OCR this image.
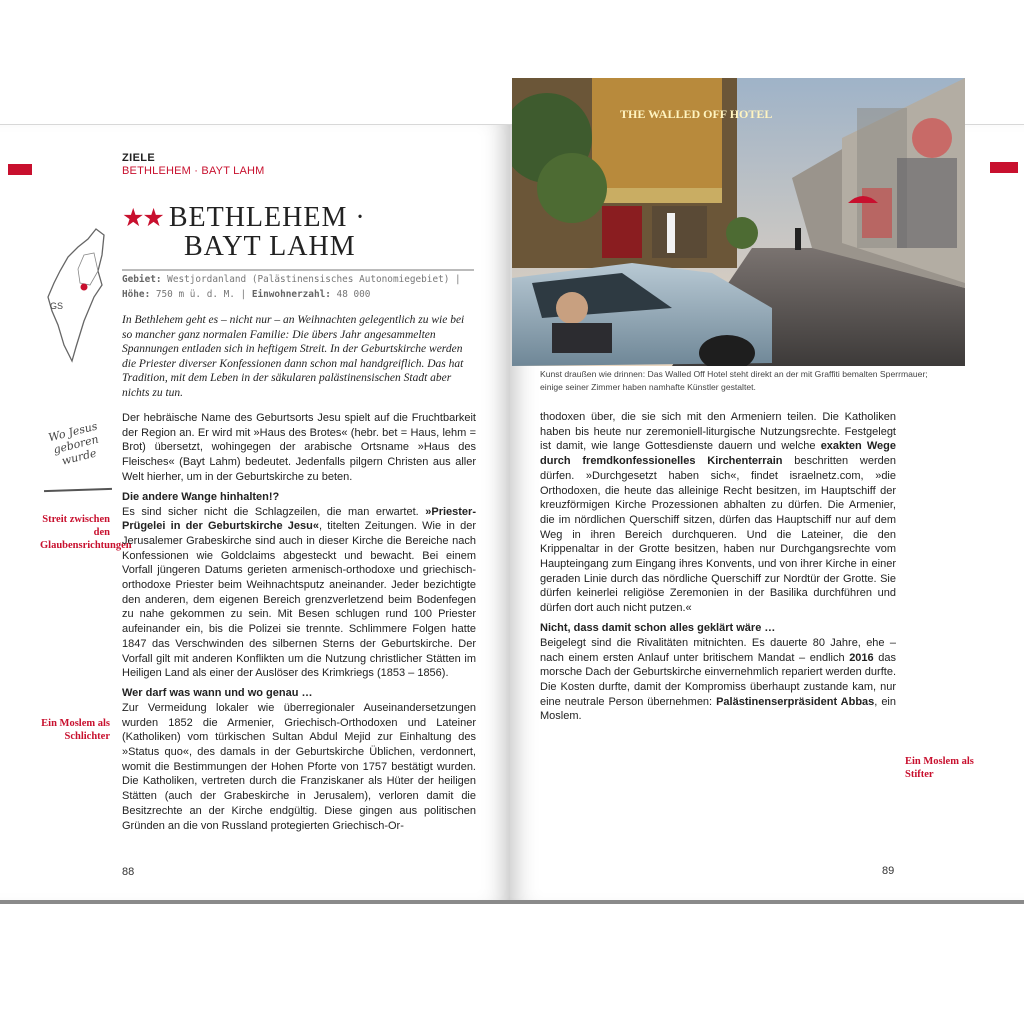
ZIELE
BETHLEHEM · BAYT LAHM
GS
★★ BETHLEHEM ·
BAYT LAHM
Gebiet: Westjordanland (Palästinensisches Autonomiegebiet) |
Höhe: 750 m ü. d. M. | Einwohnerzahl: 48 000
In Bethlehem geht es – nicht nur – an Weihnachten gelegentlich zu wie bei so mancher ganz normalen Familie: Die übers Jahr angesammelten Spannungen entladen sich in heftigem Streit. In der Geburtskirche werden die Priester diverser Konfessionen dann schon mal handgreiflich. Das hat Tradition, mit dem Leben in der säkularen palästinensischen Stadt aber nichts zu tun.
Wo Jesus geboren wurde
Streit zwischen den Glaubensrichtungen
Ein Moslem als Schlichter

Der hebräische Name des Geburtsorts Jesu spielt auf die Fruchtbarkeit der Region an. Er wird mit »Haus des Brotes« (hebr. bet = Haus, lehm = Brot) übersetzt, wohingegen der arabische Ortsname »Haus des Fleisches« (Bayt Lahm) bedeutet. Jedenfalls pilgern Christen aus aller Welt hierher, um in der Geburtskirche zu beten.

Die andere Wange hinhalten!?

Es sind sicher nicht die Schlagzeilen, die man erwartet. »Priester-Prügelei in der Geburtskirche Jesu«, titelten Zeitungen. Wie in der Jerusalemer Grabeskirche sind auch in dieser Kirche die Bereiche nach Konfessionen wie Goldclaims abgesteckt und bewacht. Bei einem Vorfall jüngeren Datums gerieten armenisch-orthodoxe und griechisch-orthodoxe Priester beim Weihnachtsputz aneinander. Jeder bezichtigte den anderen, dem eigenen Bereich grenzverletzend beim Bodenfegen zu nahe gekommen zu sein. Mit Besen schlugen rund 100 Priester aufeinander ein, bis die Polizei sie trennte. Schlimmere Folgen hatte 1847 das Verschwinden des silbernen Sterns der Geburtskirche. Der Vorfall gilt mit anderen Konflikten um die Nutzung christlicher Stätten im Heiligen Land als einer der Auslöser des Krimkriegs (1853 – 1856).

Wer darf was wann und wo genau …

Zur Vermeidung lokaler wie überregionaler Auseinandersetzungen wurden 1852 die Armenier, Griechisch-Orthodoxen und Lateiner (Katholiken) vom türkischen Sultan Abdul Mejid zur Einhaltung des »Status quo«, des damals in der Geburtskirche Üblichen, verdonnert, womit die Bestimmungen der Hohen Pforte von 1757 bestätigt wurden. Die Katholiken, vertreten durch die Franziskaner als Hüter der heiligen Stätten (auch der Grabeskirche in Jerusalem), verloren damit die Besitzrechte an der Kirche endgültig. Diese gingen aus politischen Gründen an die von Russland protegierten Griechisch-Or-

88
THE WALLED OFF HOTEL
Kunst draußen wie drinnen: Das Walled Off Hotel steht direkt an der mit Graffiti bemalten Sperrmauer; einige seiner Zimmer haben namhafte Künstler gestaltet.

thodoxen über, die sie sich mit den Armeniern teilen. Die Katholiken haben bis heute nur zeremoniell-liturgische Nutzungsrechte. Festgelegt ist damit, wie lange Gottesdienste dauern und welche exakten Wege durch fremdkonfessionelles Kirchenterrain beschritten werden dürfen. »Durchgesetzt haben sich«, findet israelnetz.com, »die Orthodoxen, die heute das alleinige Recht besitzen, im Hauptschiff der kreuzförmigen Kirche Prozessionen abhalten zu dürfen. Die Armenier, die im nördlichen Querschiff sitzen, dürfen das Hauptschiff nur auf dem Weg in ihren Bereich durchqueren. Und die Lateiner, die den Krippenaltar in der Grotte besitzen, haben nur Durchgangsrechte vom Haupteingang zum Eingang ihres Konvents, und von ihrer Kirche in einer geraden Linie durch das nördliche Querschiff zur Nordtür der Grotte. Sie dürfen keinerlei religiöse Zeremonien in der Basilika durchführen und dürfen dort auch nicht putzen.«

Nicht, dass damit schon alles geklärt wäre …

Beigelegt sind die Rivalitäten mitnichten. Es dauerte 80 Jahre, ehe – nach einem ersten Anlauf unter britischem Mandat – endlich 2016 das morsche Dach der Geburtskirche einvernehmlich repariert werden durfte. Die Kosten durfte, damit der Kompromiss überhaupt zustande kam, nur eine neutrale Person übernehmen: Palästinenserpräsident Abbas, ein Moslem.

Ein Moslem als Stifter
89
